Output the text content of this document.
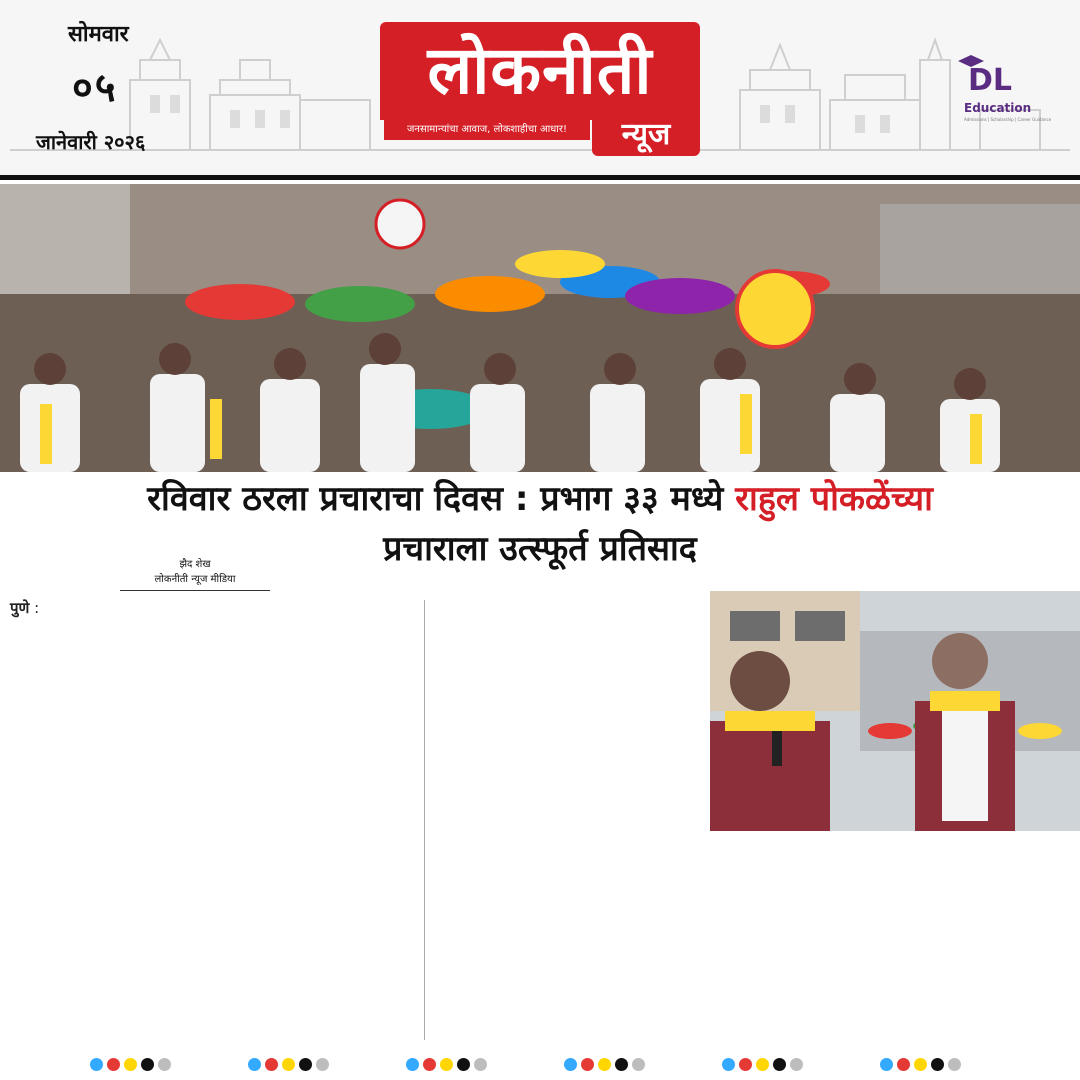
सोमवार
०५
जानेवारी २०२६
लोकनीती
जनसामान्यांचा आवाज, लोकशाहीचा आधार!	न्यूज
DL
Education
Admissions | Scholarship | Career Guidance
रविवार ठरला प्रचाराचा दिवस : प्रभाग ३३ मध्ये राहुल पोकळेंच्या
प्रचाराला उत्स्फूर्त प्रतिसाद
झैद शेख
लोकनीती न्यूज मीडिया
पुणे :
